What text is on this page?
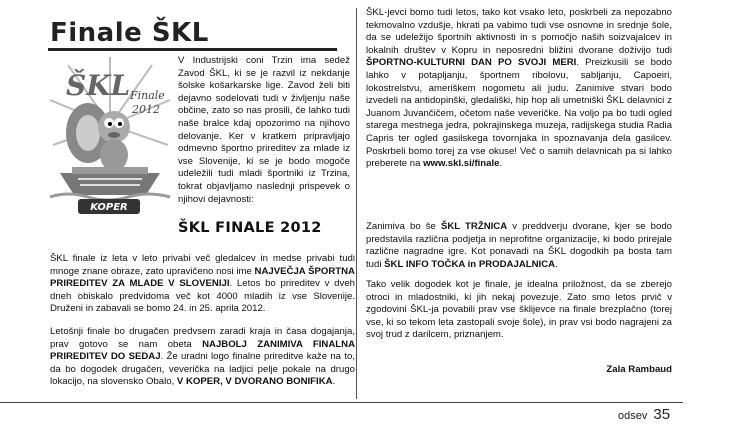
Finale ŠKL
ŠKL Finale
2012
KOPER
V Industrijski coni Trzin ima sedež Zavod ŠKL, ki se je razvil iz nekdanje šolske košarkarske lige. Zavod želi biti dejavno sodelovati tudi v življenju naše občine, zato so nas prosili, če lahko tudi naše bralce kdaj opozorimo na njihovo delovanje. Ker v kratkem pripravljajo odmevno športno prireditev za mlade iz vse Slovenije, ki se je bodo mogoče udeležili tudi mladi športniki iz Trzina, tokrat objavljamo naslednji prispevek o njihovi dejavnosti:
ŠKL FINALE 2012
ŠKL finale iz leta v leto privabi več gledalcev in medse privabi tudi mnoge znane obraze, zato upravičeno nosi ime NAJVEČJA ŠPORTNA PRIREDITEV ZA MLADE V SLOVENIJI. Letos bo prireditev v dveh dneh obiskalo predvidoma več kot 4000 mladih iz vse Slovenije. Druženi in zabavali se bomo 24. in 25. aprila 2012.
Letošnji finale bo drugačen predvsem zaradi kraja in časa dogajanja, prav gotovo se nam obeta NAJBOLJ ZANIMIVA FINALNA PRIREDITEV DO SEDAJ. Že uradni logo finalne prireditve kaže na to, da bo dogodek drugačen, veverička na ladjici pelje pokale na drugo lokacijo, na slovensko Obalo, V KOPER, V DVORANO BONIFIKA.
ŠKL-jevci bomo tudi letos, tako kot vsako leto, poskrbeli za nepozabno tekmovalno vzdušje, hkrati pa vabimo tudi vse osnovne in srednje šole, da se udeležijo športnih aktivnosti in s pomočjo naših soizvajalcev in lokalnih društev v Kopru in neposredni bližini dvorane doživijo tudi ŠPORTNO-KULTURNI DAN PO SVOJI MERI. Preizkusili se bodo lahko v potapljanju, športnem ribolovu, sabljanju, Capoeiri, lokostrelstvu, ameriškem nogometu ali judu. Zanimive stvari bodo izvedeli na antidopinški, gledališki, hip hop ali umetniški ŠKL delavnici z Juanom Juvančičem, očetom naše veveričke. Na voljo pa bo tudi ogled starega mestnega jedra, pokrajinskega muzeja, radijskega studia Radia Capris ter ogled gasilskega tovornjaka in spoznavanja dela gasilcev. Poskrbeli bomo torej za vse okuse! Več o samih delavnicah pa si lahko preberete na www.skl.si/finale.
Zanimiva bo še ŠKL TRŽNICA v preddverju dvorane, kjer se bodo predstavila različna podjetja in neprofitne organizacije, ki bodo prirejale različne nagradne igre. Kot ponavadi na ŠKL dogodkih pa bosta tam tudi ŠKL INFO TOČKA in PRODAJALNICA.
Tako velik dogodek kot je finale, je idealna priložnost, da se zberejo otroci in mladostniki, ki jih nekaj povezuje. Zato smo letos prvič v zgodovini ŠKL-ja povabili prav vse šklijevce na finale brezplačno (torej vse, ki so tekom leta zastopali svoje šole), in prav vsi bodo nagrajeni za svoj trud z darilcem, priznanjem.
Zala Rambaud
odsev 35
